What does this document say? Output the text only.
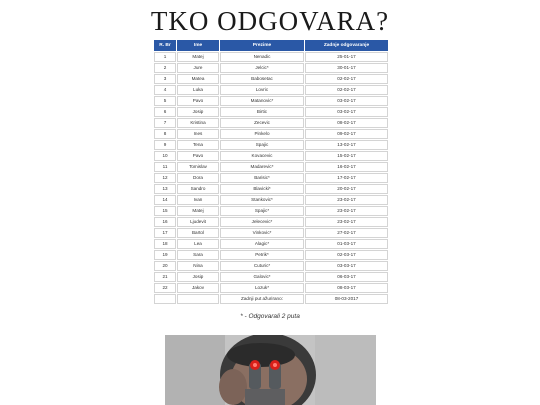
TKO ODGOVARA?
R. Br	Ime	Prezime	Zadnje odgovaranje
1	Matej	Nenadic	25-01-17
2	Jure	Jelcic*	30-01-17
3	Matea	Babosetac	02-02-17
4	Luka	Lovric	02-02-17
5	Pavo	Matanovic*	03-02-17
6	Josip	Birtic	03-02-17
7	Kristina	Zecevic	08-02-17
8	Ines	Pinkelo	09-02-17
9	Tena	Spajic	13-02-17
10	Pavo	Kovacevic	15-02-17
11	Tomislav	Madarevic*	16-02-17
12	Dora	Barisic*	17-02-17
13	Sandro	Blavicki*	20-02-17
14	Ivan	Stankovic*	23-02-17
15	Matej	Spajic*	23-02-17
16	Ljudevit	Jelecevic*	23-02-17
17	Bartol	Vinkovic*	27-02-17
18	Lea	Alagic*	01-03-17
19	Sara	Petrik*	02-03-17
20	Nina	Cuturic*	03-03-17
21	Josip	Galovic*	06-03-17
22	Jakov	Lozuk*	08-03-17
		Zadnji put ažurirano:	08-03-2017
* - Odgovarali 2 puta
